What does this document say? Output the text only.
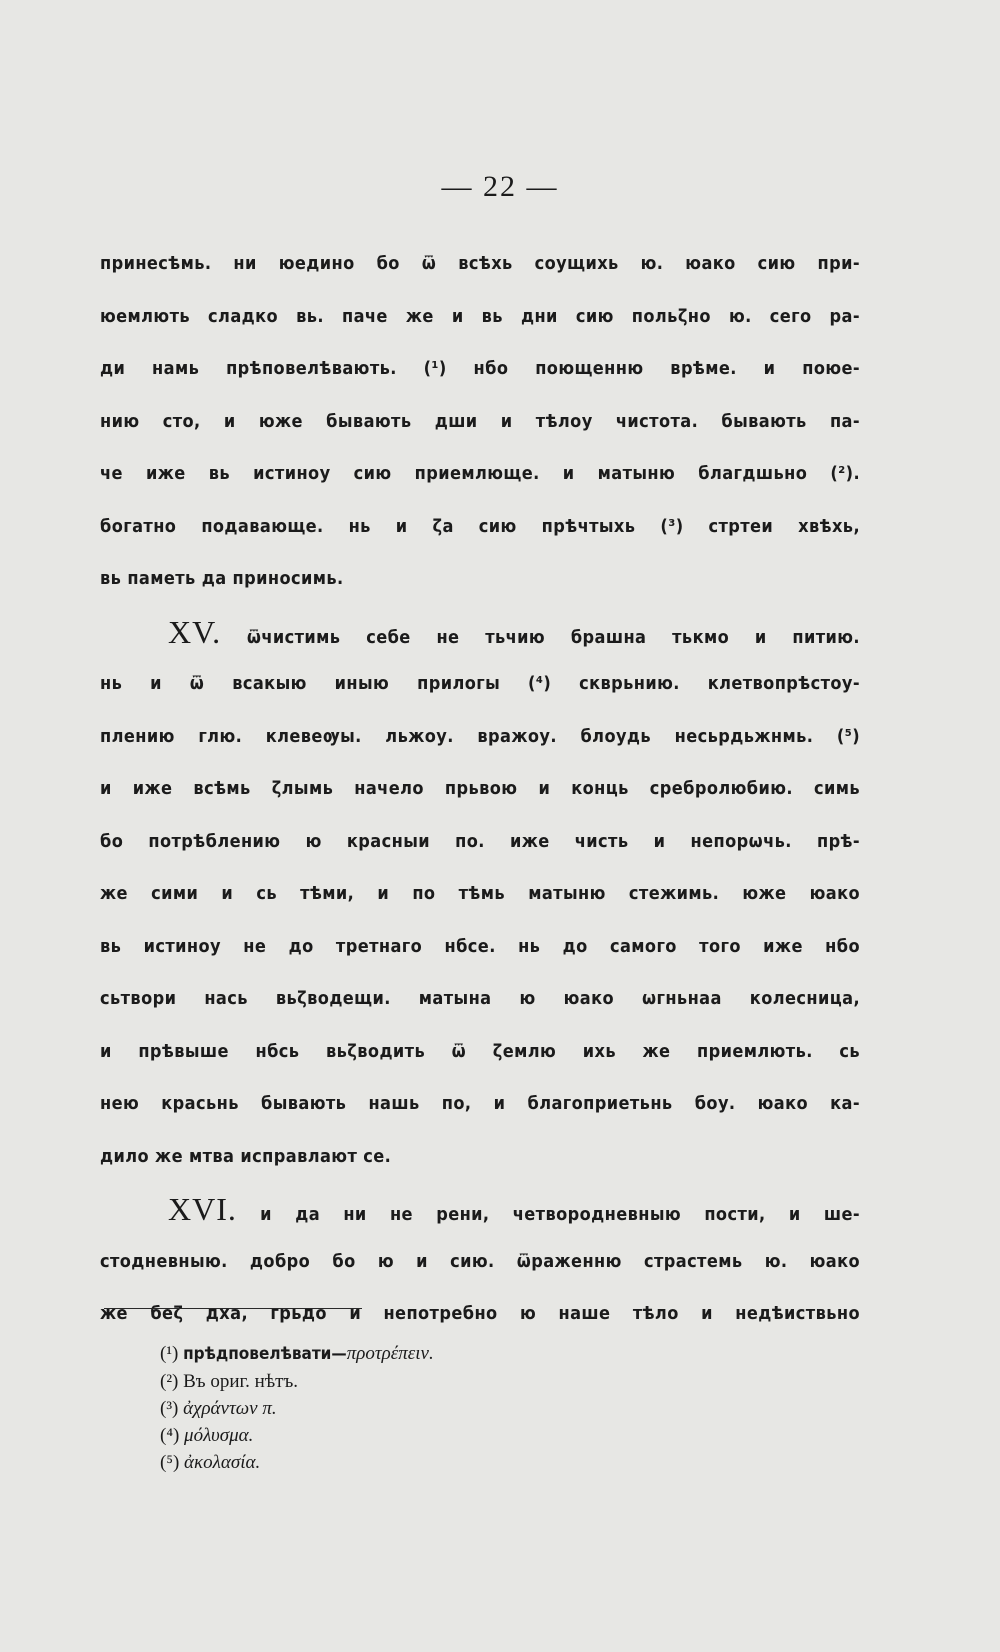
— 22 —
принесѣмь. ни юедино бо ѿ всѣхь соущихь ю. юако сию при-
юемлють сладко вь. паче же и вь дни сию польζно ю. сего ра-
ди намь прѣповелѣвають. (¹) нбо поющенню врѣме. и поюе-
нию сто, и юже бывають дши и тѣлоу чистота. бывають па-
че иже вь истиноу сию приемлюще. и матыню благдшьно (²).
богатно подавающе. нь и ζа сию прѣчтыхь (³) стртеи хвѣхь,
вь паметь да приносимь.
XV. ѿчистимь себе не тьчию брашна тькмо и питию.
нь и ѿ всакыю иныю прилогы (⁴) скврьнию. клетвопрѣстоу-
плению глю. клевеѹы. льжоу. вражоу. блоудь несьрдьжнмь. (⁵)
и иже всѣмь ζлымь начело прьвою и конць сребролюбию. симь
бо потрѣблению ю красныи по. иже чисть и непорѡчь. прѣ-
же сими и сь тѣми, и по тѣмь матыню стежимь. юже юако
вь истиноу не до третнаго нбсе. нь до самого того иже нбо
сьтвори нась вьζводещи. матына ю юако ѡгньнаа колесница,
и прѣвыше нбсь вьζводить ѿ ζемлю ихь же приемлють. сь
нею красьнь бывають нашь по, и благоприетьнь боу. юако ка-
дило же мтва исправлают се.
XVI. и да ни не рени, четвородневныю пости, и ше-
стодневныю. добро бо ю и сию. ѿраженню страстемь ю. юако
же беζ дха, грьдо и непотребно ю наше тѣло и недѣиствьно
(¹) прѣдповелѣвати—προτρέπειν.
(²) Въ ориг. нѣтъ.
(³) ἀχράντων π.
(⁴) μόλυσμα.
(⁵) ἀκολασία.
